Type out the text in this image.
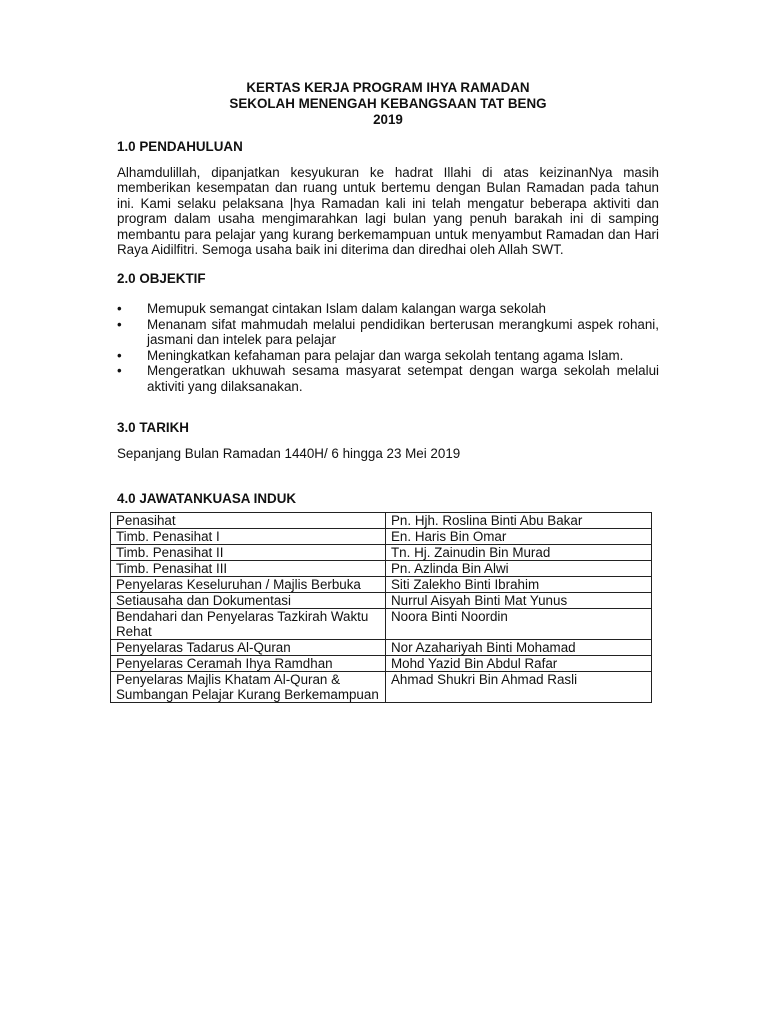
KERTAS KERJA PROGRAM IHYA RAMADAN
SEKOLAH MENENGAH KEBANGSAAN TAT BENG
2019

1.0 PENDAHULUAN

Alhamdulillah, dipanjatkan kesyukuran ke hadrat Illahi di atas keizinanNya masih memberikan kesempatan dan ruang untuk bertemu dengan Bulan Ramadan pada tahun ini. Kami selaku pelaksana |hya Ramadan kali ini telah mengatur beberapa aktiviti dan program dalam usaha mengimarahkan lagi bulan yang penuh barakah ini di samping membantu para pelajar yang kurang berkemampuan untuk menyambut Ramadan dan Hari Raya Aidilfitri. Semoga usaha baik ini diterima dan diredhai oleh Allah SWT.

2.0 OBJEKTIF

• Memupuk semangat cintakan Islam dalam kalangan warga sekolah
• Menanam sifat mahmudah melalui pendidikan berterusan merangkumi aspek rohani, jasmani dan intelek para pelajar
• Meningkatkan kefahaman para pelajar dan warga sekolah tentang agama Islam.
• Mengeratkan ukhuwah sesama masyarat setempat dengan warga sekolah melalui aktiviti yang dilaksanakan.

3.0 TARIKH

Sepanjang Bulan Ramadan 1440H/ 6 hingga 23 Mei 2019

4.0 JAWATANKUASA INDUK

Penasihat	Pn. Hjh. Roslina Binti Abu Bakar
Timb. Penasihat I	En. Haris Bin Omar
Timb. Penasihat II	Tn. Hj. Zainudin Bin Murad
Timb. Penasihat III	Pn. Azlinda Bin Alwi
Penyelaras Keseluruhan / Majlis Berbuka	Siti Zalekho Binti Ibrahim
Setiausaha dan Dokumentasi	Nurrul Aisyah Binti Mat Yunus
Bendahari dan Penyelaras Tazkirah Waktu Rehat	Noora Binti Noordin
Penyelaras Tadarus Al-Quran	Nor Azahariyah Binti Mohamad
Penyelaras Ceramah Ihya Ramdhan	Mohd Yazid Bin Abdul Rafar
Penyelaras Majlis Khatam Al-Quran & Sumbangan Pelajar Kurang Berkemampuan	Ahmad Shukri Bin Ahmad Rasli
